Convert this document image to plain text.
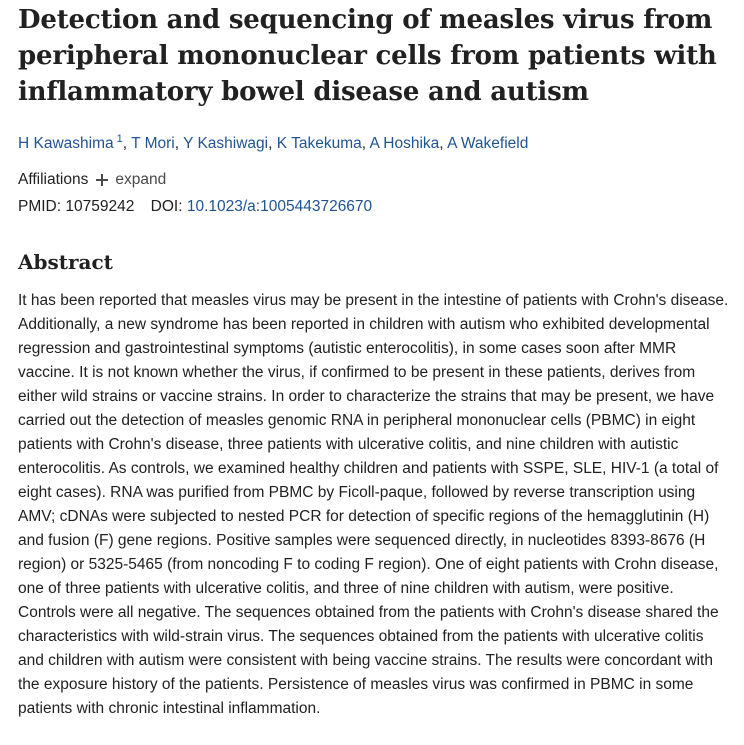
Detection and sequencing of measles virus from peripheral mononuclear cells from patients with inflammatory bowel disease and autism
H Kawashima $^1$, T Mori, Y Kashiwagi, K Takekuma, A Hoshika, A Wakefield
Affiliations expand
PMID: 10759242 DOI: 10.1023/a:1005443726670
Abstract
It has been reported that measles virus may be present in the intestine of patients with Crohn's disease. Additionally, a new syndrome has been reported in children with autism who exhibited developmental regression and gastrointestinal symptoms (autistic enterocolitis), in some cases soon after MMR vaccine. It is not known whether the virus, if confirmed to be present in these patients, derives from either wild strains or vaccine strains. In order to characterize the strains that may be present, we have carried out the detection of measles genomic RNA in peripheral mononuclear cells (PBMC) in eight patients with Crohn's disease, three patients with ulcerative colitis, and nine children with autistic enterocolitis. As controls, we examined healthy children and patients with SSPE, SLE, HIV-1 (a total of eight cases). RNA was purified from PBMC by Ficoll-paque, followed by reverse transcription using AMV; cDNAs were subjected to nested PCR for detection of specific regions of the hemagglutinin (H) and fusion (F) gene regions. Positive samples were sequenced directly, in nucleotides 8393-8676 (H region) or 5325-5465 (from noncoding F to coding F region). One of eight patients with Crohn disease, one of three patients with ulcerative colitis, and three of nine children with autism, were positive. Controls were all negative. The sequences obtained from the patients with Crohn's disease shared the characteristics with wild-strain virus. The sequences obtained from the patients with ulcerative colitis and children with autism were consistent with being vaccine strains. The results were concordant with the exposure history of the patients. Persistence of measles virus was confirmed in PBMC in some patients with chronic intestinal inflammation.
